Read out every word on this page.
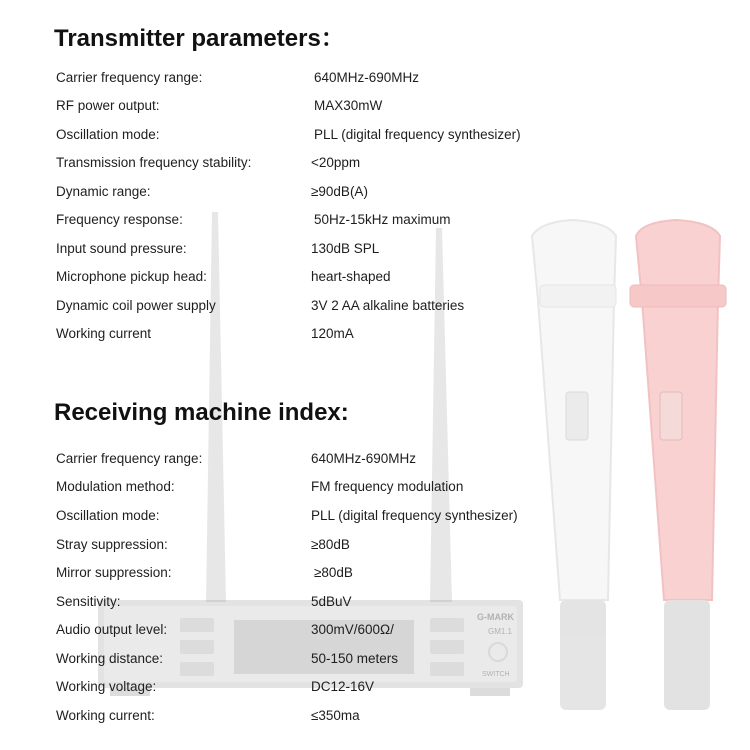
G-MARK
GM1.1
SWITCH
Transmitter parameters：
Carrier frequency range:	640MHz-690MHz
RF power output:	MAX30mW
Oscillation mode:	PLL (digital frequency synthesizer)
Transmission frequency stability:	<20ppm
Dynamic range:	≥90dB(A)
Frequency response:	50Hz-15kHz maximum
Input sound pressure:	130dB SPL
Microphone pickup head:	heart-shaped
Dynamic coil power supply	3V 2 AA alkaline batteries
Working current	120mA
Receiving machine index:
Carrier frequency range:	640MHz-690MHz
Modulation method:	FM frequency modulation
Oscillation mode:	PLL (digital frequency synthesizer)
Stray suppression:	≥80dB
Mirror suppression:	≥80dB
Sensitivity:	5dBuV
Audio output level:	300mV/600Ω/
Working distance:	50-150 meters
Working voltage:	DC12-16V
Working current:	≤350ma
